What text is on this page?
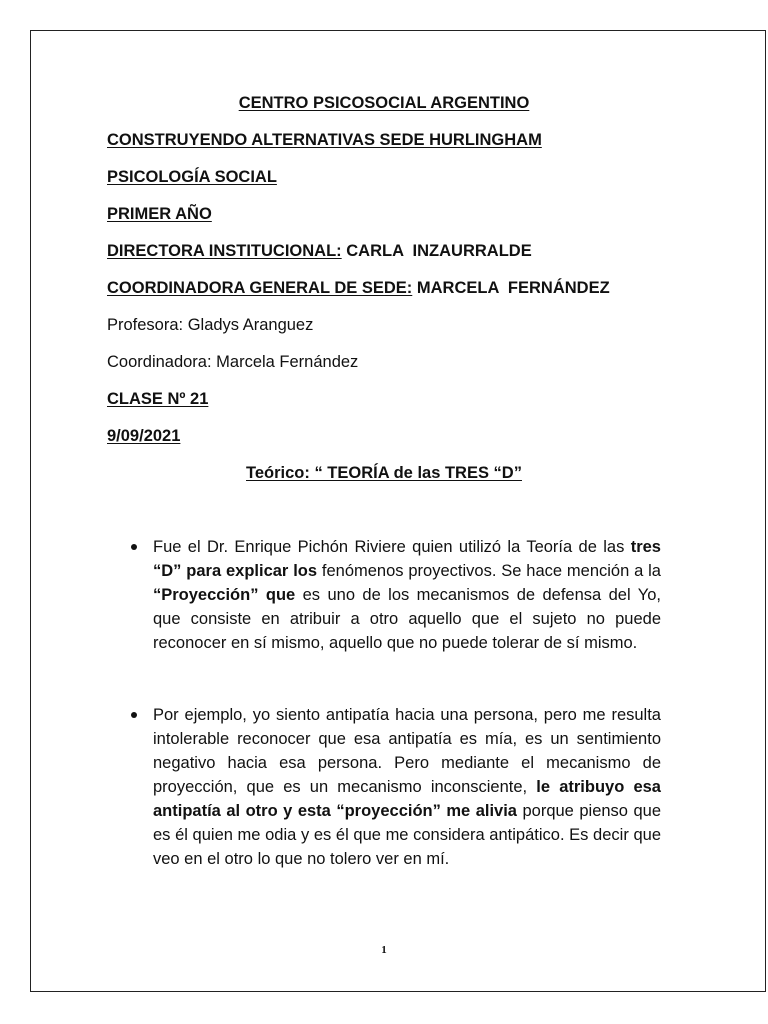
CENTRO PSICOSOCIAL ARGENTINO
CONSTRUYENDO ALTERNATIVAS SEDE HURLINGHAM
PSICOLOGÍA SOCIAL
PRIMER AÑO
DIRECTORA INSTITUCIONAL: CARLA  INZAURRALDE
COORDINADORA GENERAL DE SEDE: MARCELA  FERNÁNDEZ
Profesora: Gladys Aranguez
Coordinadora: Marcela Fernández
CLASE Nº 21
9/09/2021
Teórico: “ TEORÍA de las TRES “D”
Fue el Dr. Enrique Pichón Riviere quien utilizó la Teoría de las tres “D” para explicar los fenómenos proyectivos. Se hace mención a la “Proyección” que es uno de los mecanismos de defensa del Yo, que consiste en atribuir a otro aquello que el sujeto no puede reconocer en sí mismo, aquello que no puede tolerar de sí mismo.
Por ejemplo, yo siento antipatía hacia una persona, pero me resulta intolerable reconocer que esa antipatía es mía, es un sentimiento negativo hacia esa persona. Pero mediante el mecanismo de proyección, que es un mecanismo inconsciente, le atribuyo esa antipatía al otro y esta “proyección” me alivia porque pienso que es él quien me odia y es él que me considera antipático. Es decir que veo en el otro lo que no tolero ver en mí.
1
